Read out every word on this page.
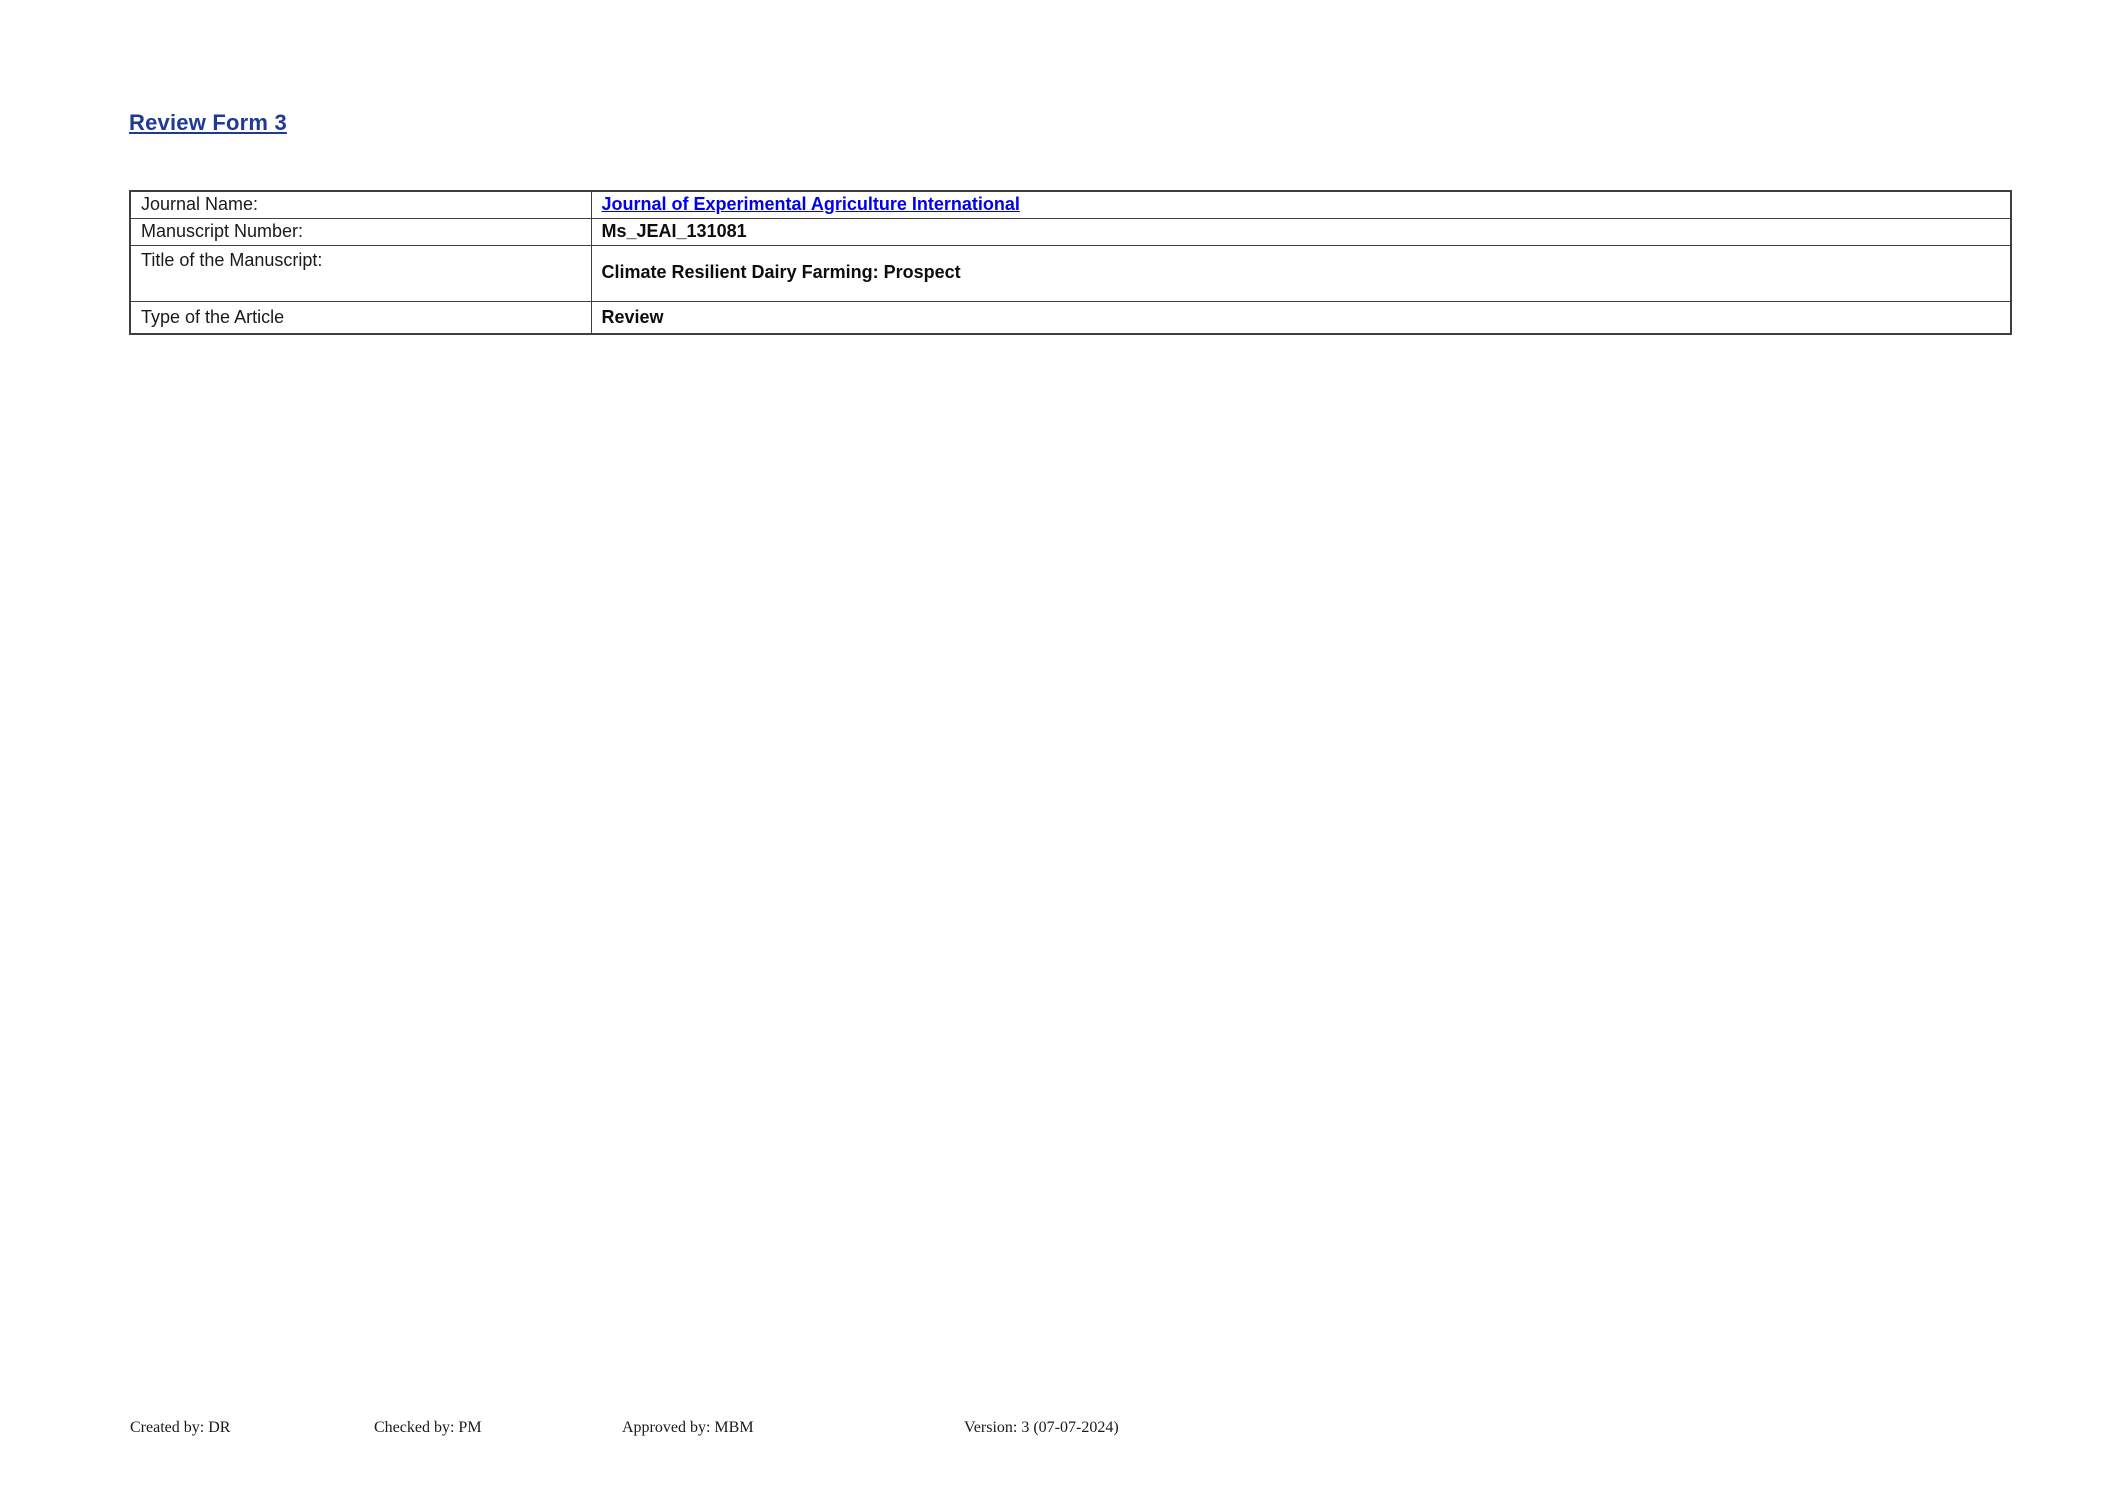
Review Form 3
Journal Name:	Journal of Experimental Agriculture International
Manuscript Number:	Ms_JEAI_131081
Title of the Manuscript:	Climate Resilient Dairy Farming: Prospect
Type of the Article	Review
Created by: DR	Checked by: PM	Approved by: MBM	Version: 3 (07-07-2024)
